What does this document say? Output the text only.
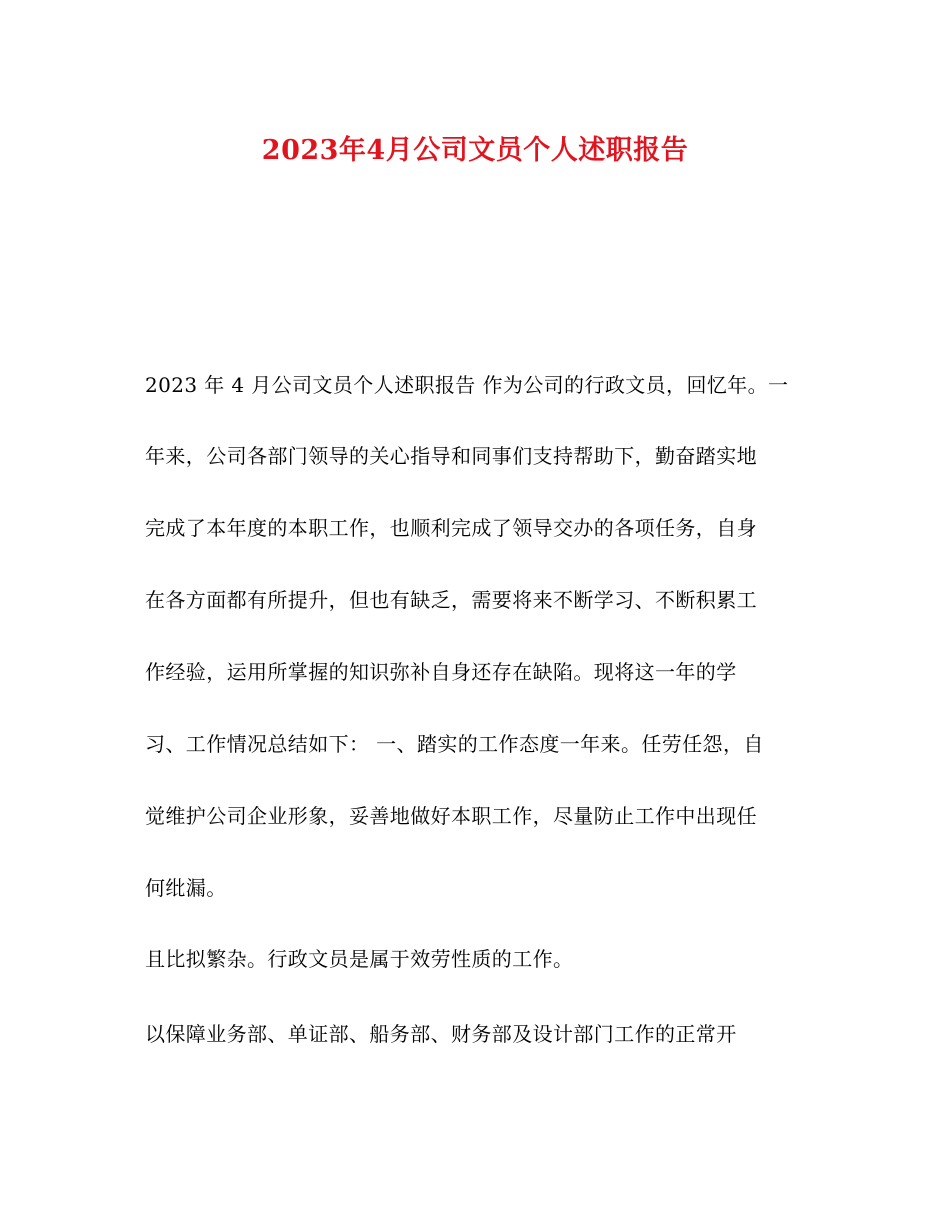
2023年4月公司文员个人述职报告
2023 年 4 月公司文员个人述职报告 作为公司的行政文员，回忆年。一
年来，公司各部门领导的关心指导和同事们支持帮助下，勤奋踏实地
完成了本年度的本职工作，也顺利完成了领导交办的各项任务，自身
在各方面都有所提升，但也有缺乏，需要将来不断学习、不断积累工
作经验，运用所掌握的知识弥补自身还存在缺陷。现将这一年的学
习、工作情况总结如下： 一、踏实的工作态度一年来。任劳任怨，自
觉维护公司企业形象，妥善地做好本职工作，尽量防止工作中出现任
何纰漏。
且比拟繁杂。行政文员是属于效劳性质的工作。
以保障业务部、单证部、船务部、财务部及设计部门工作的正常开
